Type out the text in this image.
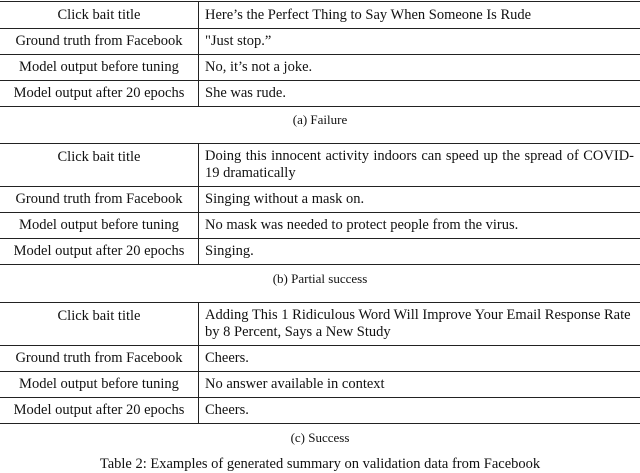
Click bait title	Here’s the Perfect Thing to Say When Someone Is Rude
Ground truth from Facebook	"Just stop.”
Model output before tuning	No, it’s not a joke.
Model output after 20 epochs	She was rude.
(a) Failure
Click bait title	Doing this innocent activity indoors can speed up the spread of COVID-19 dramatically
Ground truth from Facebook	Singing without a mask on.
Model output before tuning	No mask was needed to protect people from the virus.
Model output after 20 epochs	Singing.
(b) Partial success
Click bait title	Adding This 1 Ridiculous Word Will Improve Your Email Response Rate by 8 Percent, Says a New Study
Ground truth from Facebook	Cheers.
Model output before tuning	No answer available in context
Model output after 20 epochs	Cheers.
(c) Success
Table 2: Examples of generated summary on validation data from Facebook
